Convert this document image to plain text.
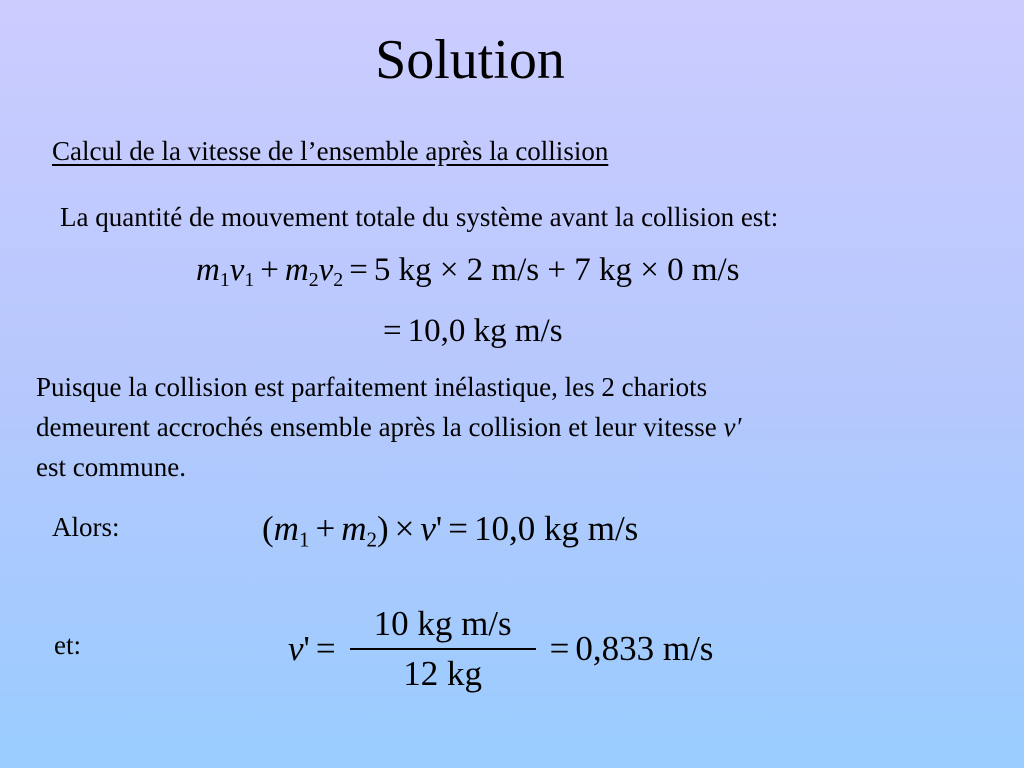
Solution
Calcul de la vitesse de l’ensemble après la collision
La quantité de mouvement totale du système avant la collision est:
$m_1v_1 + m_2v_2 = 5$ kg × 2 m/s + 7 kg × 0 m/s
= 10,0 kg m/s

Puisque la collision est parfaitement inélastique, les 2 chariots

demeurent accrochés ensemble après la collision et leur vitesse v′

est commune.

Alors:	$(m_1 + m_2) \times v' = 10,0$ kg m/s
et:	$v' = \frac{\text{10 kg m/s}}{12 kg} = 0,833$ m/s
